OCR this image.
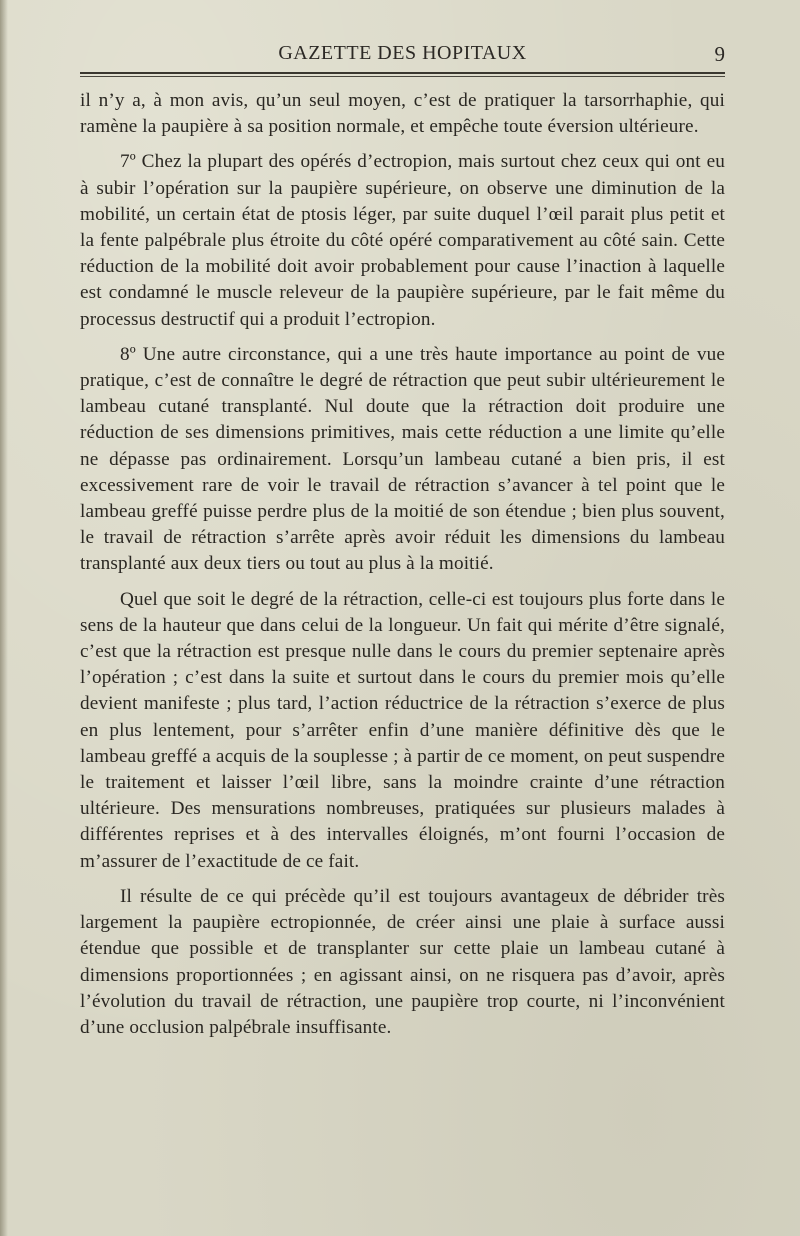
GAZETTE DES HOPITAUX	9

il n’y a, à mon avis, qu’un seul moyen, c’est de pratiquer la tarsorrhaphie, qui ramène la paupière à sa position normale, et empêche toute éversion ultérieure.

7º Chez la plupart des opérés d’ectropion, mais surtout chez ceux qui ont eu à subir l’opération sur la paupière supérieure, on observe une diminution de la mobilité, un certain état de ptosis léger, par suite duquel l’œil parait plus petit et la fente palpébrale plus étroite du côté opéré comparativement au côté sain. Cette réduction de la mobilité doit avoir probablement pour cause l’inaction à laquelle est condamné le muscle releveur de la paupière supérieure, par le fait même du processus destructif qui a produit l’ectropion.

8º Une autre circonstance, qui a une très haute importance au point de vue pratique, c’est de connaître le degré de rétraction que peut subir ultérieurement le lambeau cutané transplanté. Nul doute que la rétraction doit produire une réduction de ses dimensions primitives, mais cette réduction a une limite qu’elle ne dépasse pas ordinairement. Lorsqu’un lambeau cutané a bien pris, il est excessivement rare de voir le travail de rétraction s’avancer à tel point que le lambeau greffé puisse perdre plus de la moitié de son étendue ; bien plus souvent, le travail de rétraction s’arrête après avoir réduit les dimensions du lambeau transplanté aux deux tiers ou tout au plus à la moitié.

Quel que soit le degré de la rétraction, celle-ci est toujours plus forte dans le sens de la hauteur que dans celui de la longueur. Un fait qui mérite d’être signalé, c’est que la rétraction est presque nulle dans le cours du premier septenaire après l’opération ; c’est dans la suite et surtout dans le cours du premier mois qu’elle devient manifeste ; plus tard, l’action réductrice de la rétraction s’exerce de plus en plus lentement, pour s’arrêter enfin d’une manière définitive dès que le lambeau greffé a acquis de la souplesse ; à partir de ce moment, on peut suspendre le traitement et laisser l’œil libre, sans la moindre crainte d’une rétraction ultérieure. Des mensurations nombreuses, pratiquées sur plusieurs malades à différentes reprises et à des intervalles éloignés, m’ont fourni l’occasion de m’assurer de l’exactitude de ce fait.

Il résulte de ce qui précède qu’il est toujours avantageux de débrider très largement la paupière ectropionnée, de créer ainsi une plaie à surface aussi étendue que possible et de transplanter sur cette plaie un lambeau cutané à dimensions proportionnées ; en agissant ainsi, on ne risquera pas d’avoir, après l’évolution du travail de rétraction, une paupière trop courte, ni l’inconvénient d’une occlusion palpébrale insuffisante.
